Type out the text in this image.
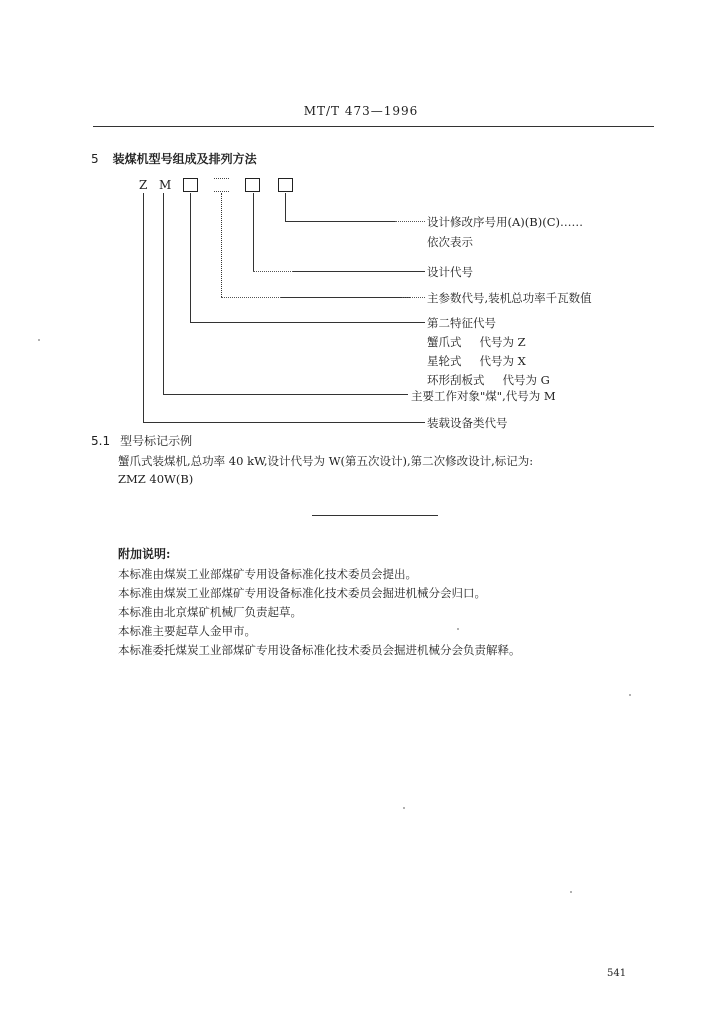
MT/T 473—1996
5 装煤机型号组成及排列方法
Z M
设计修改序号用(A)(B)(C)……
依次表示
设计代号
主参数代号,装机总功率千瓦数值
第二特征代号
蟹爪式 代号为 Z
星轮式 代号为 X
环形刮板式 代号为 G
主要工作对象"煤",代号为 M
装载设备类代号
5.1 型号标记示例
蟹爪式装煤机,总功率 40 kW,设计代号为 W(第五次设计),第二次修改设计,标记为:
ZMZ 40W(B)
附加说明:
本标准由煤炭工业部煤矿专用设备标准化技术委员会提出。
本标准由煤炭工业部煤矿专用设备标准化技术委员会掘进机械分会归口。
本标准由北京煤矿机械厂负责起草。
本标准主要起草人金甲市。
本标准委托煤炭工业部煤矿专用设备标准化技术委员会掘进机械分会负责解释。
541
